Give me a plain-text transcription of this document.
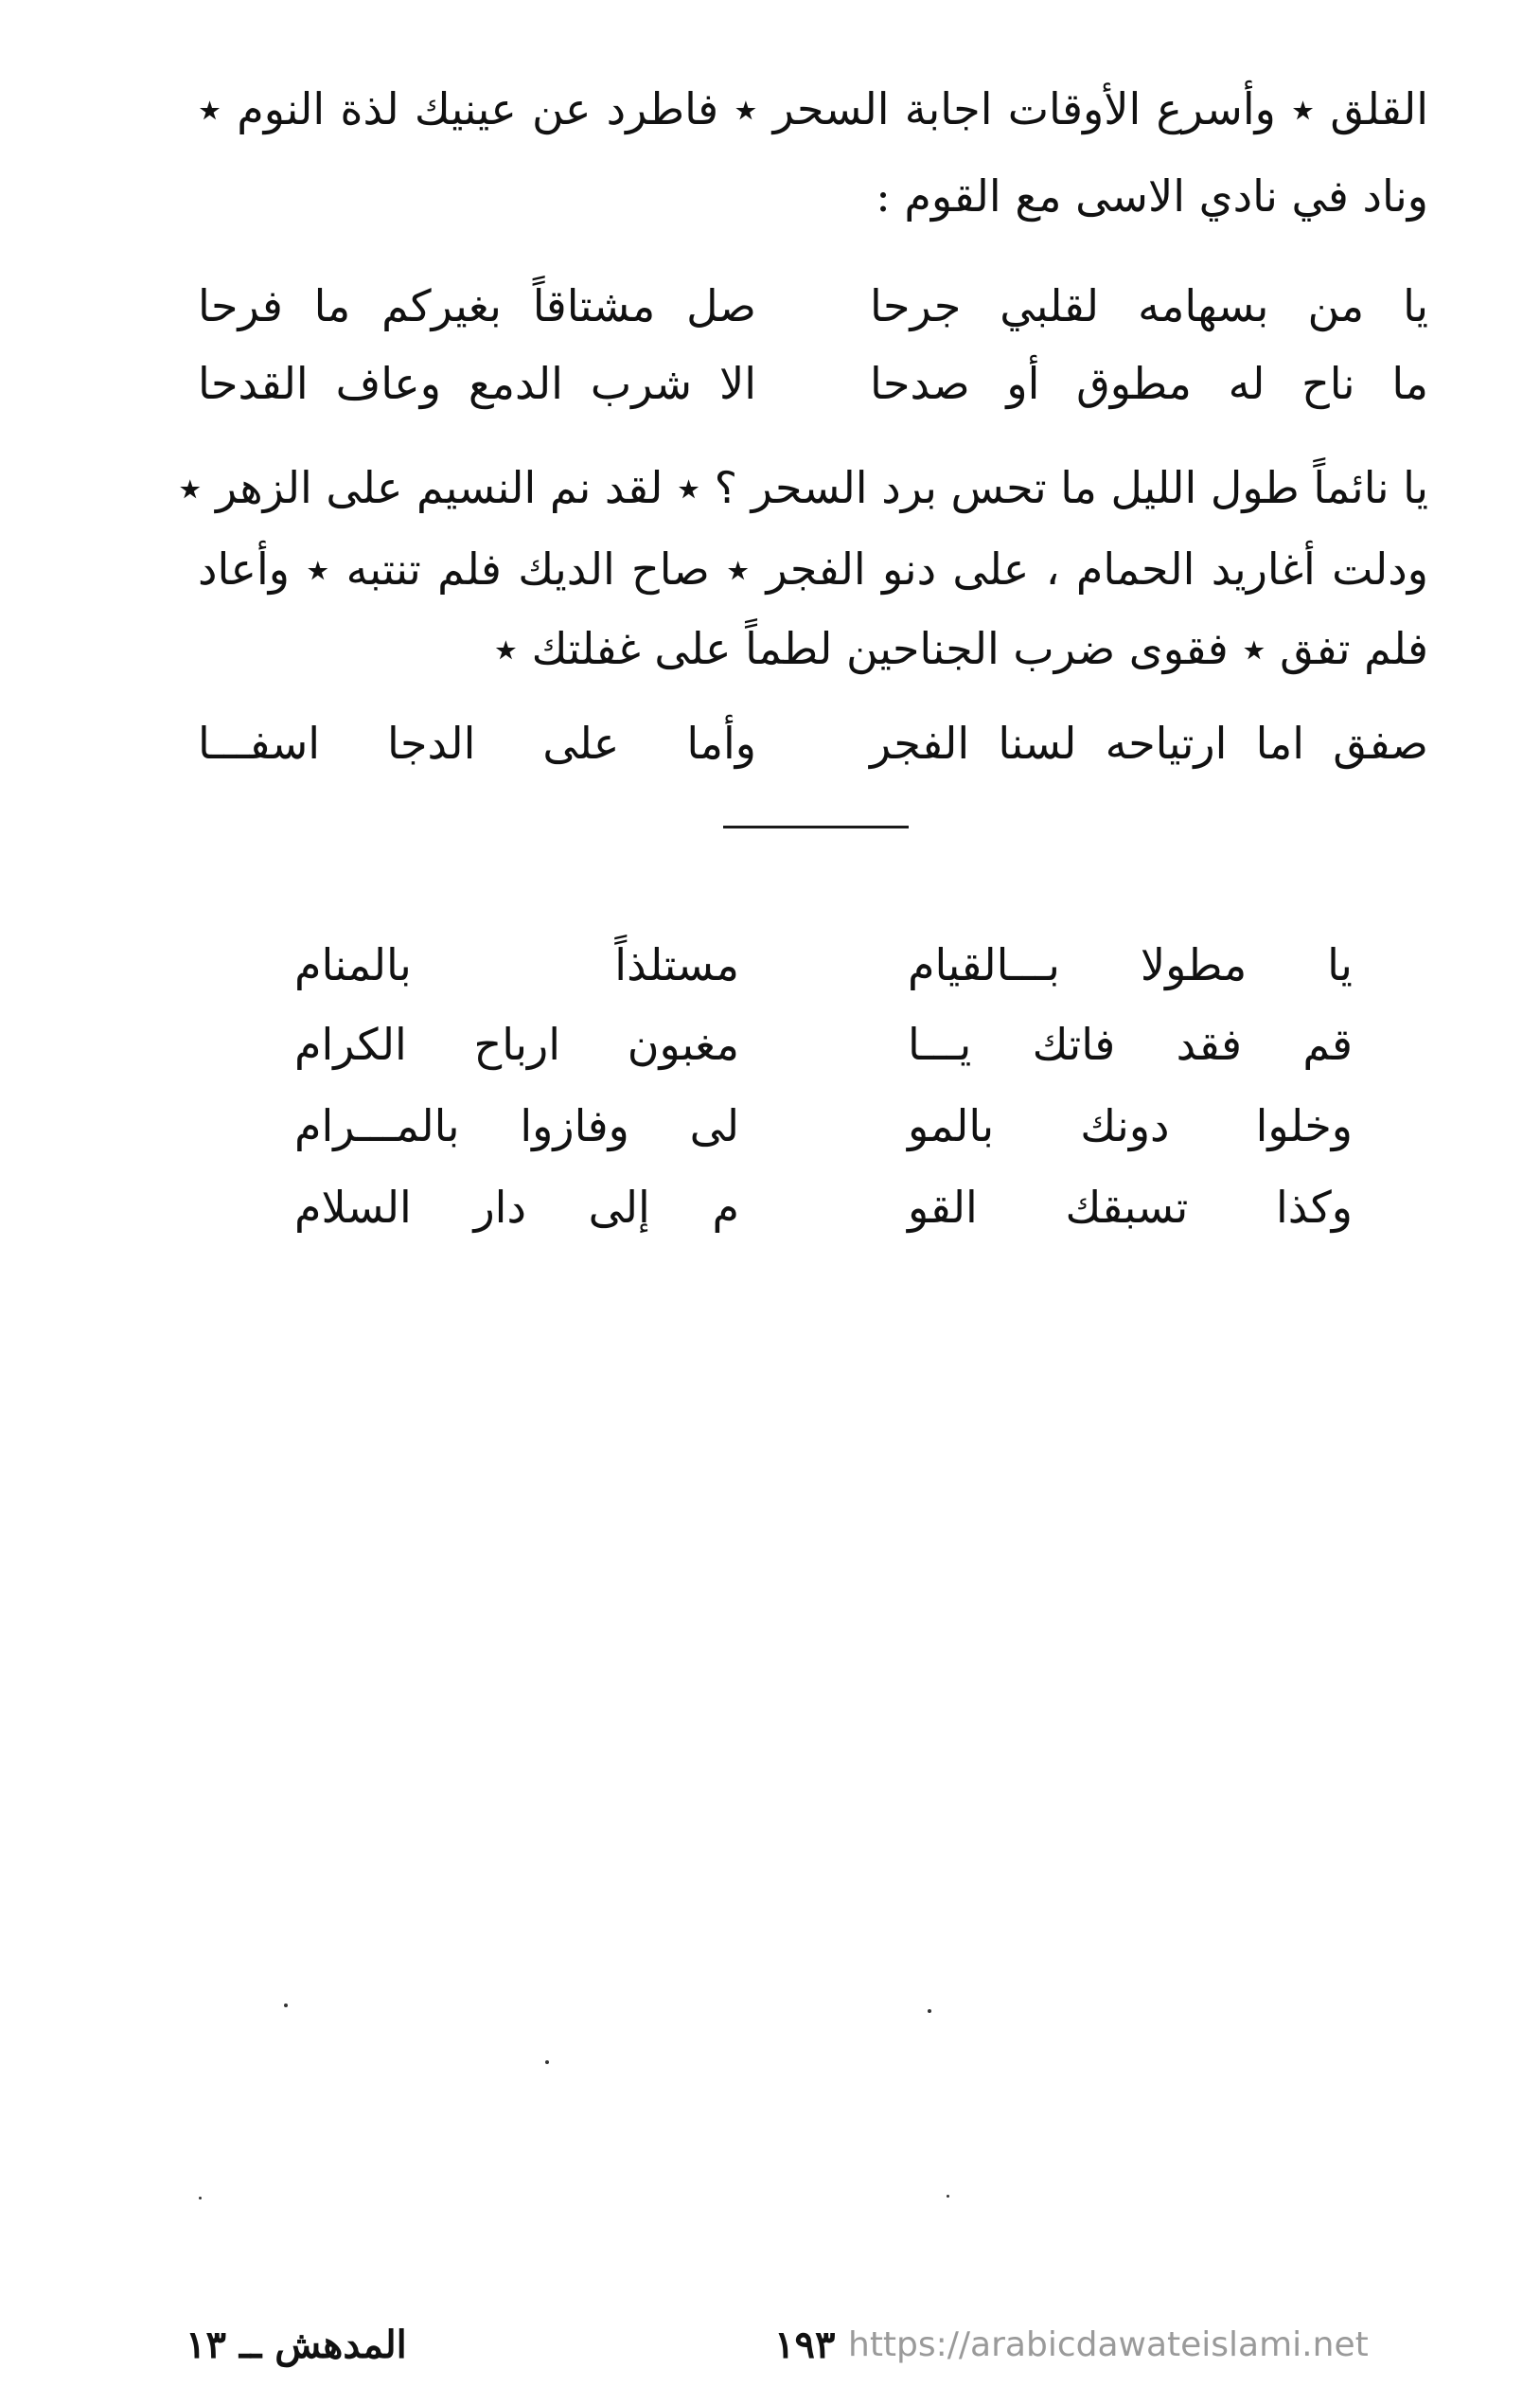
القلق ٭ وأسرع الأوقات اجابة السحر ٭ فاطرد عن عينيك لذة النوم ٭
وناد في نادي الاسى مع القوم :
يا من بسهامه لقلبي جرحا
صل مشتاقاً بغيركم ما فرحا
ما ناح له مطوق أو صدحا
الا شرب الدمع وعاف القدحا
يا نائماً طول الليل ما تحس برد السحر ؟ ٭ لقد نم النسيم على الزهر ٭
ودلت أغاريد الحمام ، على دنو الفجر ٭ صاح الديك فلم تنتبه ٭ وأعاد
فلم تفق ٭ فقوى ضرب الجناحين لطماً على غفلتك ٭
صفق اما ارتياحه لسنا الفجر
وأما على الدجا اسفـــا
يا مطولا بـــالقيام
مستلذاً بالمنام
قم فقد فاتك يـــا
مغبون ارباح الكرام
وخلوا دونك بالمو
لى وفازوا بالمـــرام
وكذا تسبقك القو
م إلى دار السلام
المدهش ــ ١٣	١٩٣ https://arabicdawateislami.net
